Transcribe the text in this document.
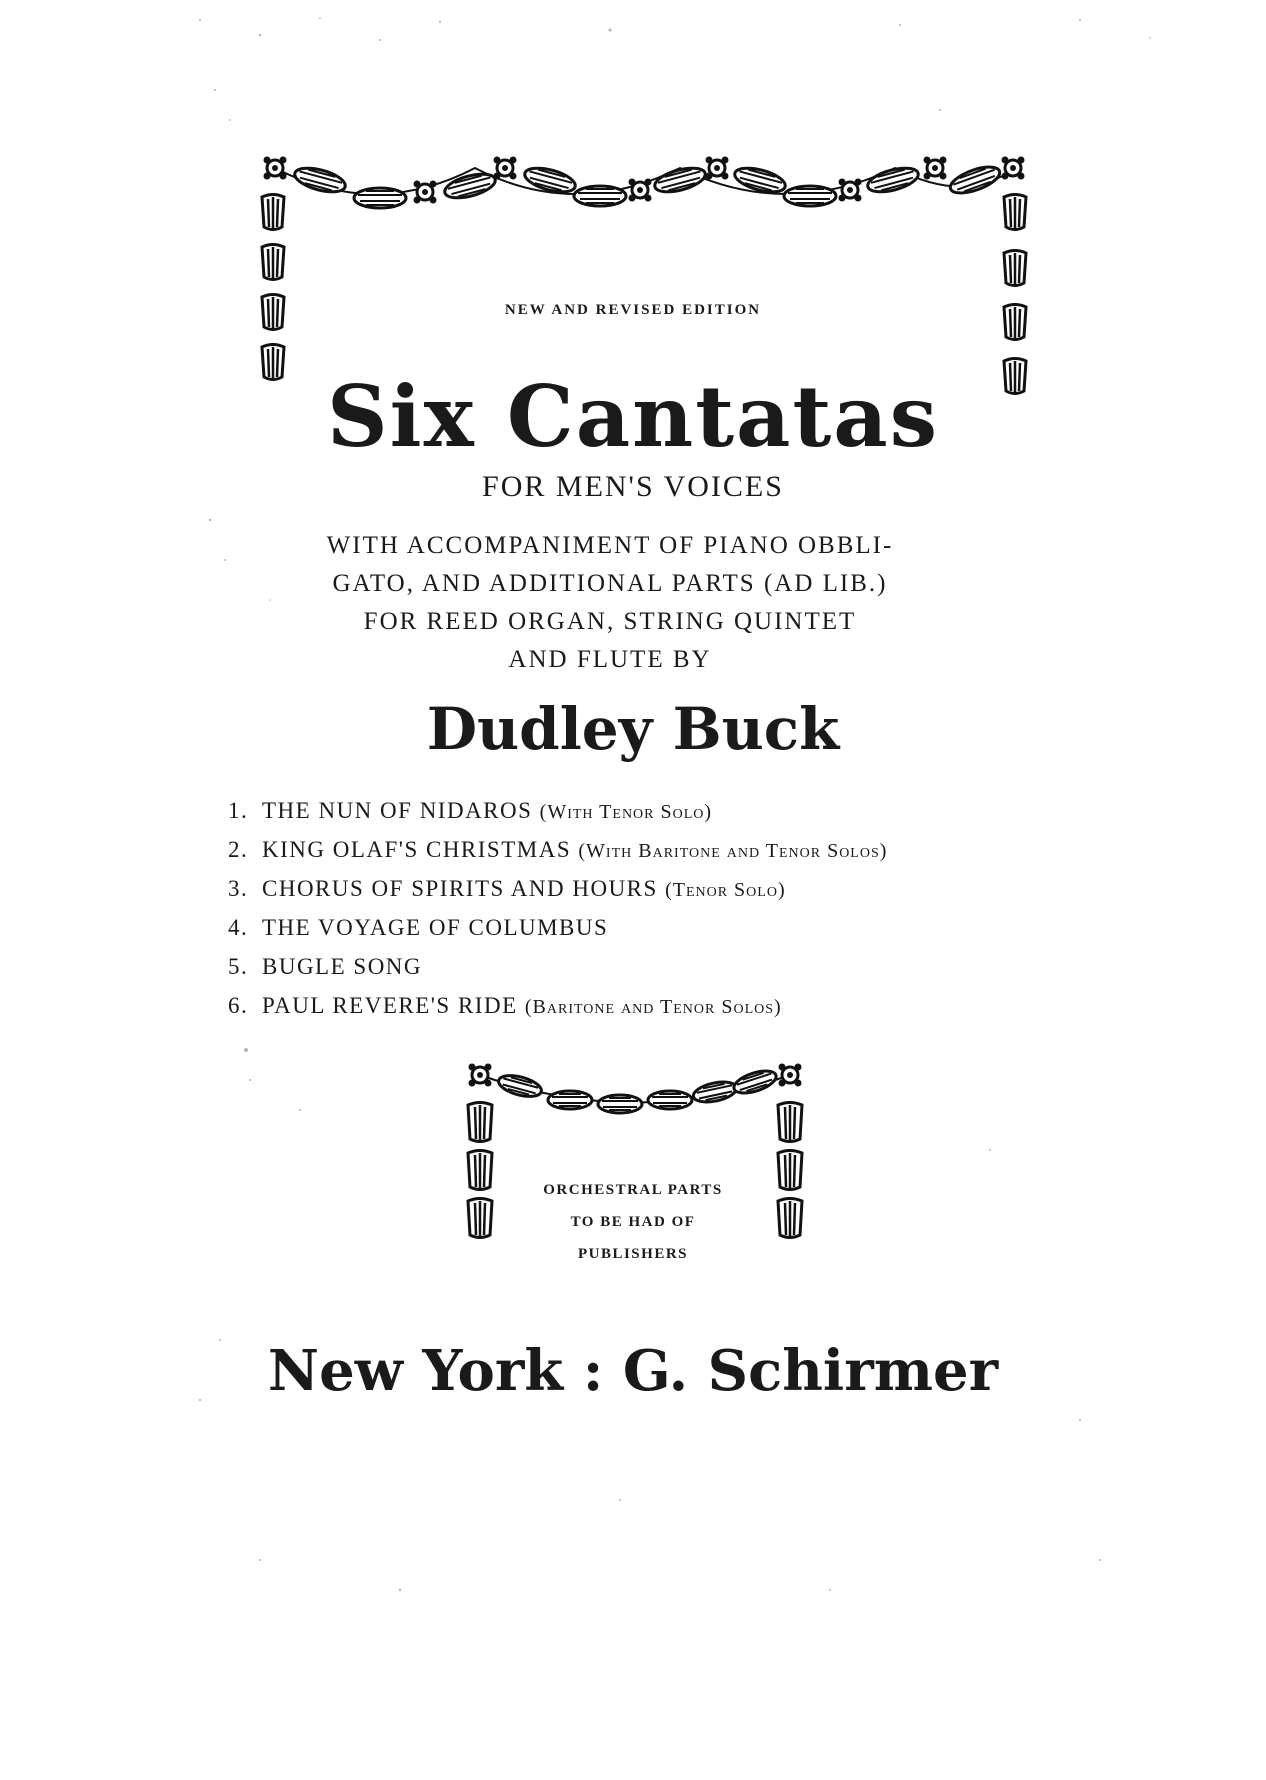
NEW AND REVISED EDITION
Six Cantatas
FOR MEN'S VOICES
WITH ACCOMPANIMENT OF PIANO OBBLI-
GATO, AND ADDITIONAL PARTS (AD LIB.)
FOR REED ORGAN, STRING QUINTET
AND FLUTE BY
Dudley Buck
1. THE NUN OF NIDAROS (With Tenor Solo)
2. KING OLAF'S CHRISTMAS (With Baritone and Tenor Solos)
3. CHORUS OF SPIRITS AND HOURS (Tenor Solo)
4. THE VOYAGE OF COLUMBUS
5. BUGLE SONG
6. PAUL REVERE'S RIDE (Baritone and Tenor Solos)
ORCHESTRAL PARTS
TO BE HAD OF
PUBLISHERS
New York : G. Schirmer
